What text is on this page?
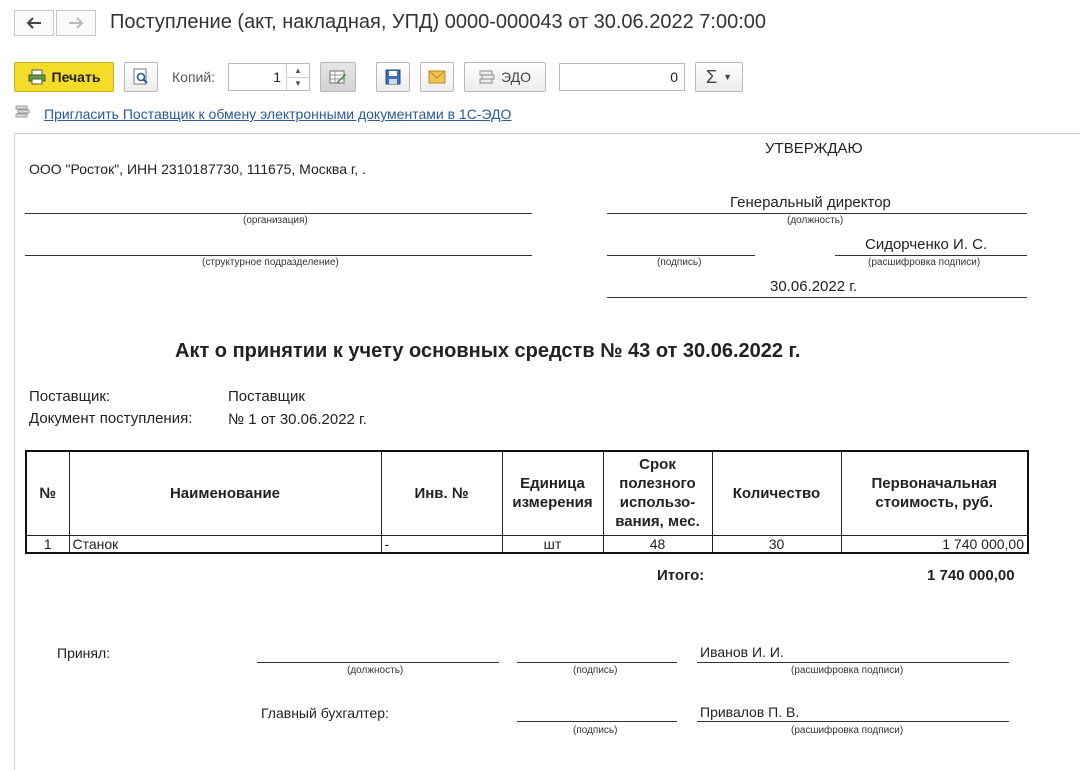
Поступление (акт, накладная, УПД) 0000-000043 от 30.06.2022 7:00:00
Печать	Копий:	1	▲
▼	ЭДО	0 Σ ▼
Пригласить Поставщик к обмену электронными документами в 1С-ЭДО
УТВЕРЖДАЮ
ООО "Росток", ИНН 2310187730, 111675, Москва г, .
(организация)
(структурное подразделение)
Генеральный директор
(должность)
Сидорченко И. С.
(подпись)	(расшифровка подписи)
30.06.2022 г.
Акт о принятии к учету основных средств № 43 от 30.06.2022 г.
Поставщик:	Поставщик
Документ поступления: № 1 от 30.06.2022 г.
№	Наименование	Инв. №	Единица измерения	Срок полезного использо- вания, мес.	Количество	Первоначальная стоимость, руб.
1	Станок	-	шт	48	30	1 740 000,00
Итого:	1 740 000,00
Принял:
(должность)	(подпись)
Иванов И. И.
(расшифровка подписи)
Главный бухгалтер:
(подпись)
Привалов П. В.
(расшифровка подписи)
